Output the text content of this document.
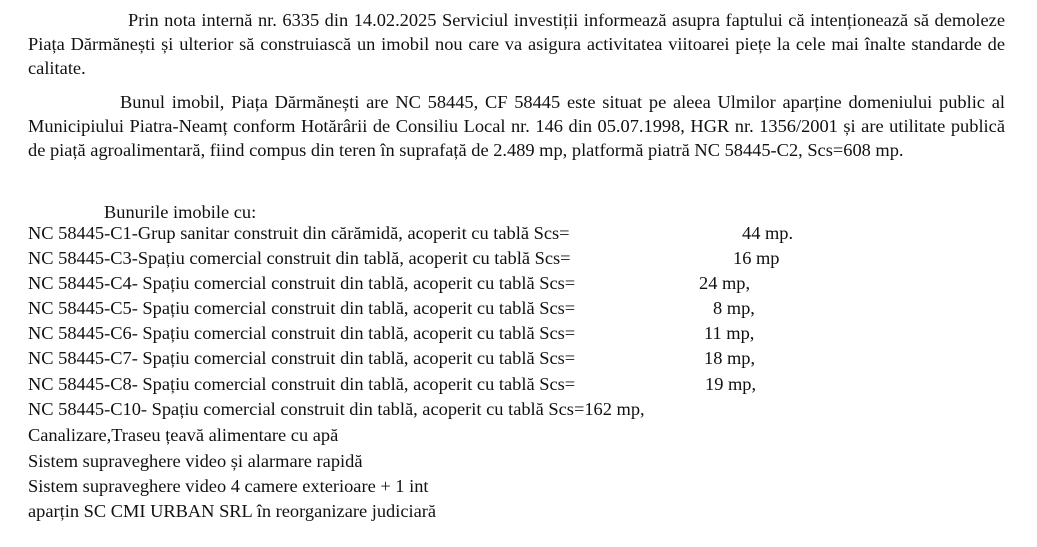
Prin nota internă nr. 6335 din 14.02.2025 Serviciul investiții informează asupra faptului că intenționează să demoleze Piața Dărmănești și ulterior să construiască un imobil nou care va asigura activitatea viitoarei piețe la cele mai înalte standarde de calitate.

Bunul imobil, Piața Dărmănești are NC 58445, CF 58445 este situat pe aleea Ulmilor aparține domeniului public al Municipiului Piatra-Neamț conform Hotărârii de Consiliu Local nr. 146 din 05.07.1998, HGR nr. 1356/2001 și are utilitate publică de piață agroalimentară, fiind compus din teren în suprafață de 2.489 mp, platformă piatră NC 58445-C2, Scs=608 mp.

Bunurile imobile cu:

NC 58445-C1-Grup sanitar construit din cărămidă, acoperit cu tablă Scs=	44 mp.
NC 58445-C3-Spațiu comercial construit din tablă, acoperit cu tablă Scs=	16 mp
NC 58445-C4- Spațiu comercial construit din tablă, acoperit cu tablă Scs=	24 mp,
NC 58445-C5- Spațiu comercial construit din tablă, acoperit cu tablă Scs=	8 mp,
NC 58445-C6- Spațiu comercial construit din tablă, acoperit cu tablă Scs=	11 mp,
NC 58445-C7- Spațiu comercial construit din tablă, acoperit cu tablă Scs=	18 mp,
NC 58445-C8- Spațiu comercial construit din tablă, acoperit cu tablă Scs=	19 mp,
NC 58445-C10- Spațiu comercial construit din tablă, acoperit cu tablă Scs=162 mp,
Canalizare,Traseu țeavă alimentare cu apă
Sistem supraveghere video și alarmare rapidă
Sistem supraveghere video 4 camere exterioare + 1 int
aparțin SC CMI URBAN SRL în reorganizare judiciară
